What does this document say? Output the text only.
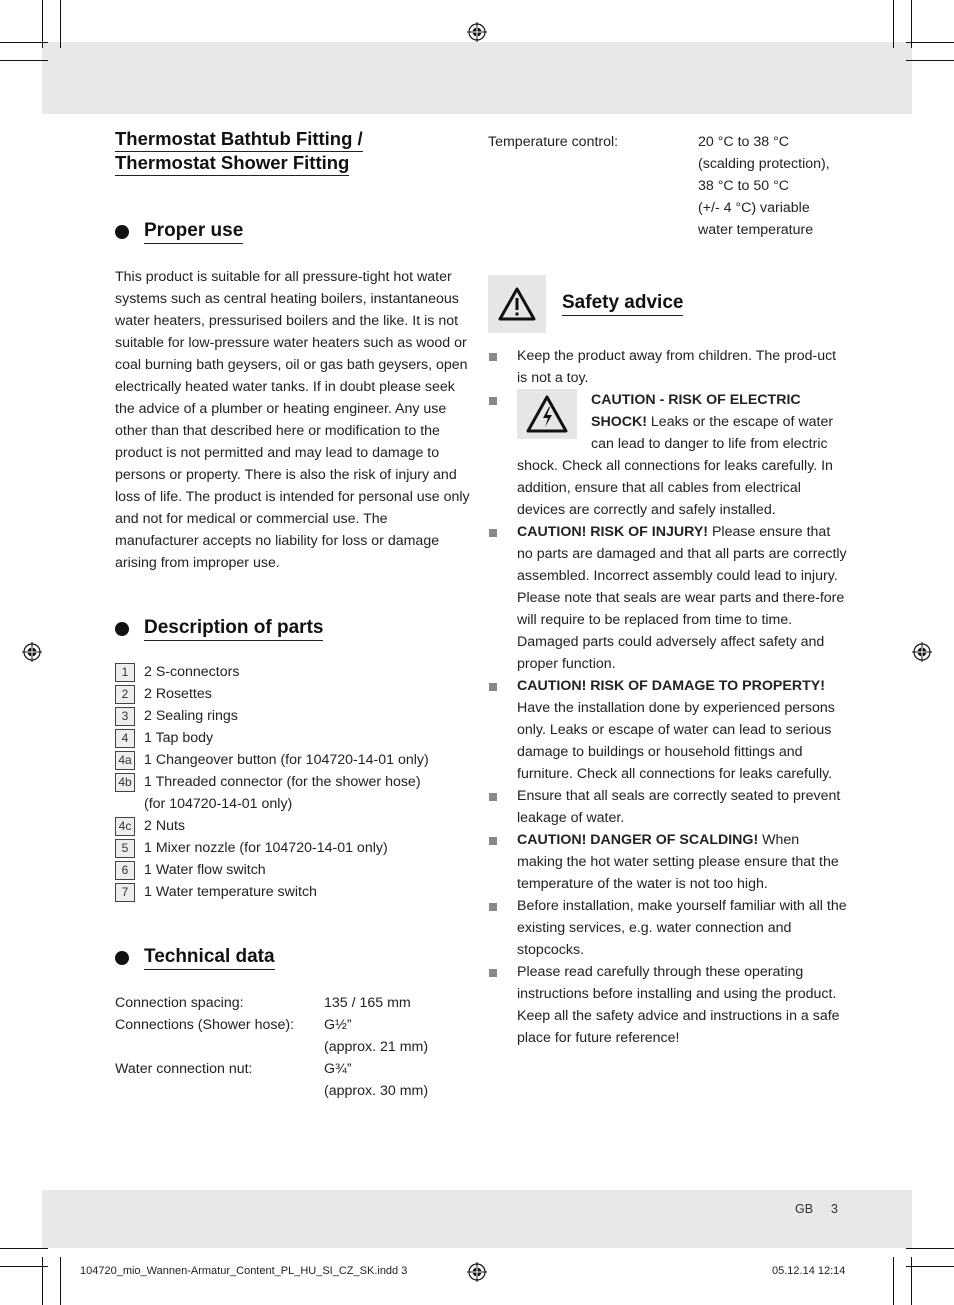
Thermostat Bathtub Fitting /
Thermostat Shower Fitting
Proper use

This product is suitable for all pressure-tight hot water systems such as central heating boilers, instantaneous water heaters, pressurised boilers and the like. It is not suitable for low-pressure water heaters such as wood or coal burning bath geysers, oil or gas bath geysers, open electrically heated water tanks. If in doubt please seek the advice of a plumber or heating engineer. Any use other than that described here or modification to the product is not permitted and may lead to damage to persons or property. There is also the risk of injury and loss of life. The product is intended for personal use only and not for medical or commercial use. The manufacturer accepts no liability for loss or damage arising from improper use.

Description of parts
1	2 S-connectors
2	2 Rosettes
3	2 Sealing rings
4	1 Tap body
4a 1 Changeover button (for 104720-14-01 only)
4b 1 Threaded connector (for the shower hose)
(for 104720-14-01 only)
4c 2 Nuts
5	1 Mixer nozzle (for 104720-14-01 only)
6	1 Water flow switch
7	1 Water temperature switch
Technical data
Connection spacing:	135 / 165 mm
Connections (Shower hose):	G½”
(approx. 21 mm)
Water connection nut:	G¾”
(approx. 30 mm)
Temperature control:	20 °C to 38 °C
(scalding protection),
38 °C to 50 °C
(+/- 4 °C) variable
water temperature
Safety advice
Keep the product away from children. The prod-uct is not a toy.
CAUTION - RISK OF ELECTRIC SHOCK! Leaks or the escape of water can lead to danger to life from electric shock. Check all connections for leaks carefully. In addition, ensure that all cables from electrical devices are correctly and safely installed.
CAUTION! RISK OF INJURY! Please ensure that no parts are damaged and that all parts are correctly assembled. Incorrect assembly could lead to injury.
Please note that seals are wear parts and there-fore will require to be replaced from time to time. Damaged parts could adversely affect safety and proper function.
CAUTION! RISK OF DAMAGE TO PROPERTY! Have the installation done by experienced persons only. Leaks or escape of water can lead to serious damage to buildings or household fittings and furniture. Check all connections for leaks carefully.
Ensure that all seals are correctly seated to prevent leakage of water.
CAUTION! DANGER OF SCALDING! When making the hot water setting please ensure that the temperature of the water is not too high.
Before installation, make yourself familiar with all the existing services, e.g. water connection and stopcocks.
Please read carefully through these operating instructions before installing and using the product. Keep all the safety advice and instructions in a safe place for future reference!
GB 3
104720_mio_Wannen-Armatur_Content_PL_HU_SI_CZ_SK.indd 3	05.12.14 12:14
